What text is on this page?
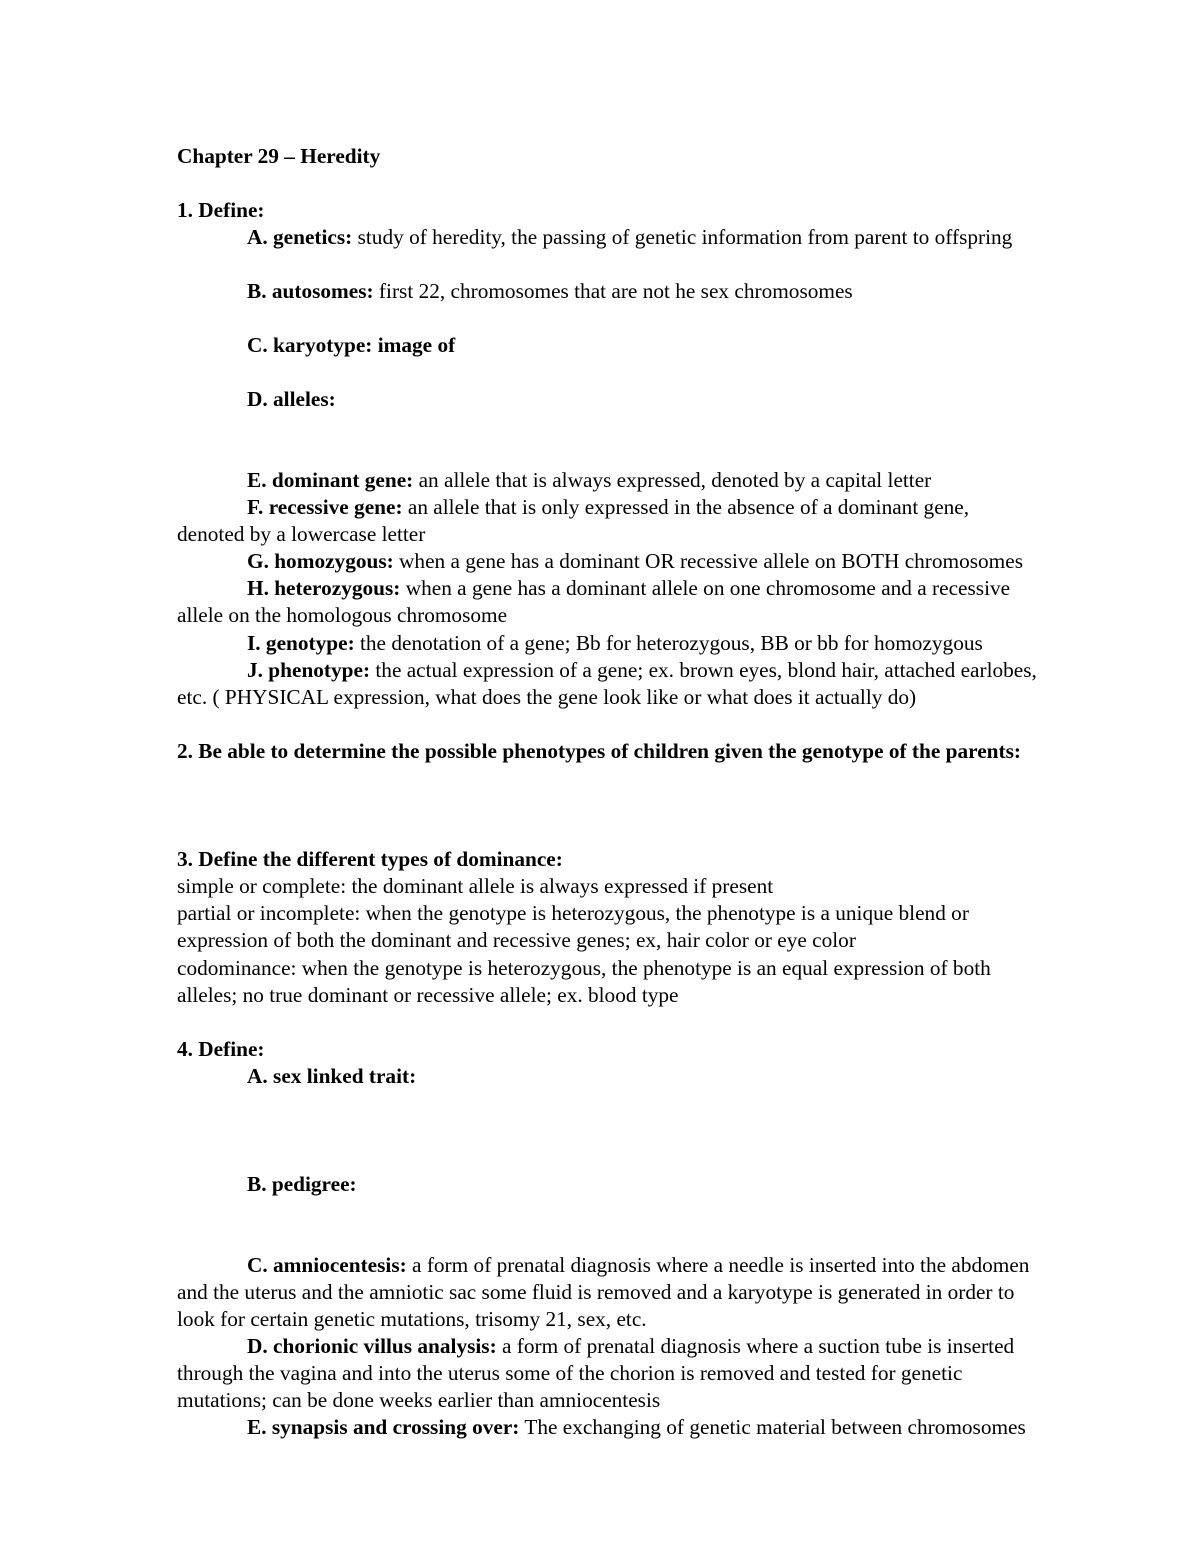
Chapter 29 – Heredity
1. Define:
A. genetics: study of heredity, the passing of genetic information from parent to offspring
B. autosomes: first 22, chromosomes that are not he sex chromosomes
C. karyotype: image of
D. alleles:
E. dominant gene: an allele that is always expressed, denoted by a capital letter
F. recessive gene: an allele that is only expressed in the absence of a dominant gene,
denoted by a lowercase letter
G. homozygous: when a gene has a dominant OR recessive allele on BOTH chromosomes
H. heterozygous: when a gene has a dominant allele on one chromosome and a recessive
allele on the homologous chromosome
I. genotype: the denotation of a gene; Bb for heterozygous, BB or bb for homozygous
J. phenotype: the actual expression of a gene; ex. brown eyes, blond hair, attached earlobes,
etc. ( PHYSICAL expression, what does the gene look like or what does it actually do)
2. Be able to determine the possible phenotypes of children given the genotype of the parents:
3. Define the different types of dominance:
simple or complete: the dominant allele is always expressed if present
partial or incomplete: when the genotype is heterozygous, the phenotype is a unique blend or
expression of both the dominant and recessive genes; ex, hair color or eye color
codominance: when the genotype is heterozygous, the phenotype is an equal expression of both
alleles; no true dominant or recessive allele; ex. blood type
4. Define:
A. sex linked trait:
B. pedigree:
C. amniocentesis: a form of prenatal diagnosis where a needle is inserted into the abdomen
and the uterus and the amniotic sac some fluid is removed and a karyotype is generated in order to
look for certain genetic mutations, trisomy 21, sex, etc.
D. chorionic villus analysis: a form of prenatal diagnosis where a suction tube is inserted
through the vagina and into the uterus some of the chorion is removed and tested for genetic
mutations; can be done weeks earlier than amniocentesis
E. synapsis and crossing over: The exchanging of genetic material between chromosomes
